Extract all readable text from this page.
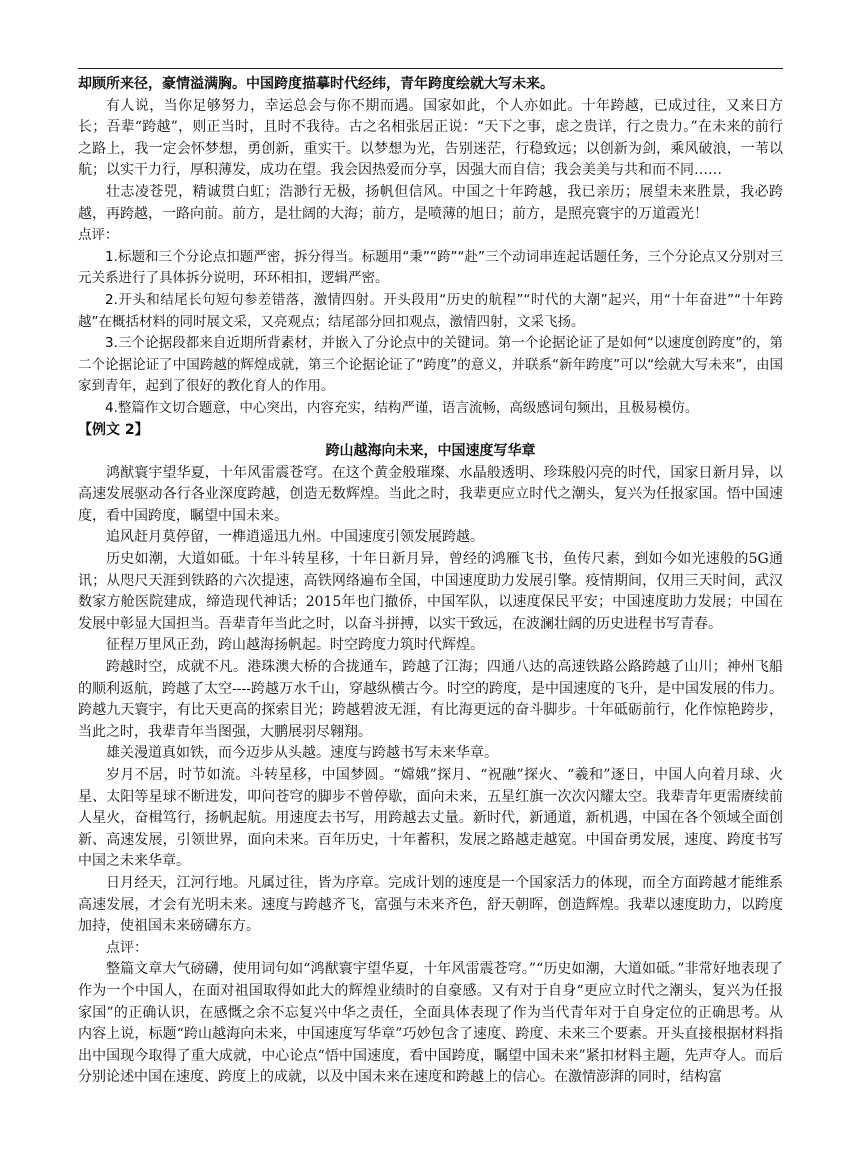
却顾所来径，豪情溢满胸。中国跨度描摹时代经纬，青年跨度绘就大写未来。

有人说，当你足够努力，幸运总会与你不期而遇。国家如此，个人亦如此。十年跨越，已成过往，又来日方长；吾辈“跨越”，则正当时，且时不我待。古之名相张居正说：“天下之事，虑之贵详，行之贵力。”在未来的前行之路上，我一定会怀梦想，勇创新，重实干。以梦想为光，告别迷茫，行稳致远；以创新为剑，乘风破浪，一苇以航；以实干力行，厚积薄发，成功在望。我会因热爱而分享，因强大而自信；我会美美与共和而不同……

壮志凌苍兕，精诚贯白虹；浩渺行无极，扬帆但信风。中国之十年跨越，我已亲历；展望未来胜景，我必跨越，再跨越，一路向前。前方，是壮阔的大海；前方，是喷薄的旭日；前方，是照亮寰宇的万道霞光！

点评：

1.标题和三个分论点扣题严密，拆分得当。标题用“秉”“跨”“赴”三个动词串连起话题任务，三个分论点又分别对三元关系进行了具体拆分说明，环环相扣，逻辑严密。

2.开头和结尾长句短句参差错落，激情四射。开头段用“历史的航程”“时代的大潮”起兴，用“十年奋进”“十年跨越”在概括材料的同时展文采，又亮观点；结尾部分回扣观点，激情四射，文采飞扬。

3.三个论据段都来自近期所背素材，并嵌入了分论点中的关键词。第一个论据论证了是如何“以速度创跨度”的，第二个论据论证了中国跨越的辉煌成就，第三个论据论证了“跨度”的意义，并联系“新年跨度”可以“绘就大写未来”，由国家到青年，起到了很好的教化育人的作用。

4.整篇作文切合题意，中心突出，内容充实，结构严谨，语言流畅，高级感词句频出，且极易模仿。

【例文 2】

跨山越海向未来，中国速度写华章

鸿猷寰宇望华夏，十年风雷震苍穹。在这个黄金般璀璨、水晶般透明、珍珠般闪亮的时代，国家日新月异，以高速发展驱动各行各业深度跨越，创造无数辉煌。当此之时，我辈更应立时代之潮头，复兴为任报家国。悟中国速度，看中国跨度，瞩望中国未来。

追风赶月莫停留，一榫逍遥迅九州。中国速度引领发展跨越。

历史如潮，大道如砥。十年斗转星移，十年日新月异，曾经的鸿雁飞书，鱼传尺素，到如今如光速般的5G通讯；从咫尺天涯到铁路的六次提速，高铁网络遍布全国，中国速度助力发展引擎。疫情期间，仅用三天时间，武汉数家方舱医院建成，缔造现代神话；2015年也门撤侨，中国军队，以速度保民平安；中国速度助力发展；中国在发展中彰显大国担当。吾辈青年当此之时，以奋斗拼搏，以实干致远，在波澜壮阔的历史进程书写青春。

征程万里风正劲，跨山越海扬帆起。时空跨度力筑时代辉煌。

跨越时空，成就不凡。港珠澳大桥的合拢通车，跨越了江海；四通八达的高速铁路公路跨越了山川；神州飞船的顺利返航，跨越了太空----跨越万水千山，穿越纵横古今。时空的跨度，是中国速度的飞升，是中国发展的伟力。跨越九天寰宇，有比天更高的探索目光；跨越碧波无涯，有比海更远的奋斗脚步。十年砥砺前行，化作惊艳跨步，当此之时，我辈青年当图强，大鹏展羽尽翱翔。

雄关漫道真如铁，而今迈步从头越。速度与跨越书写未来华章。

岁月不居，时节如流。斗转星移，中国梦圆。“嫦娥”探月、“祝融”探火、“羲和”逐日，中国人向着月球、火星、太阳等星球不断进发，叩问苍穹的脚步不曾停歇，面向未来，五星红旗一次次闪耀太空。我辈青年更需赓续前人星火，奋楫笃行，扬帆起航。用速度去书写，用跨越去丈量。新时代，新通道，新机遇，中国在各个领域全面创新、高速发展，引领世界，面向未来。百年历史，十年蓄积，发展之路越走越宽。中国奋勇发展，速度、跨度书写中国之未来华章。

日月经天，江河行地。凡属过往，皆为序章。完成计划的速度是一个国家活力的体现，而全方面跨越才能维系高速发展，才会有光明未来。速度与跨越齐飞，富强与未来齐色，舒天朝晖，创造辉煌。我辈以速度助力，以跨度加持，使祖国未来磅礴东方。

点评：

整篇文章大气磅礴，使用词句如“鸿猷寰宇望华夏，十年风雷震苍穹。”“历史如潮，大道如砥。”非常好地表现了作为一个中国人，在面对祖国取得如此大的辉煌业绩时的自豪感。又有对于自身“更应立时代之潮头，复兴为任报家国”的正确认识，在感慨之余不忘复兴中华之责任，全面具体表现了作为当代青年对于自身定位的正确思考。从内容上说，标题“跨山越海向未来，中国速度写华章”巧妙包含了速度、跨度、未来三个要素。开头直接根据材料指出中国现今取得了重大成就，中心论点“悟中国速度，看中国跨度，瞩望中国未来”紧扣材料主题，先声夺人。而后分别论述中国在速度、跨度上的成就，以及中国未来在速度和跨越上的信心。在激情澎湃的同时，结构富
